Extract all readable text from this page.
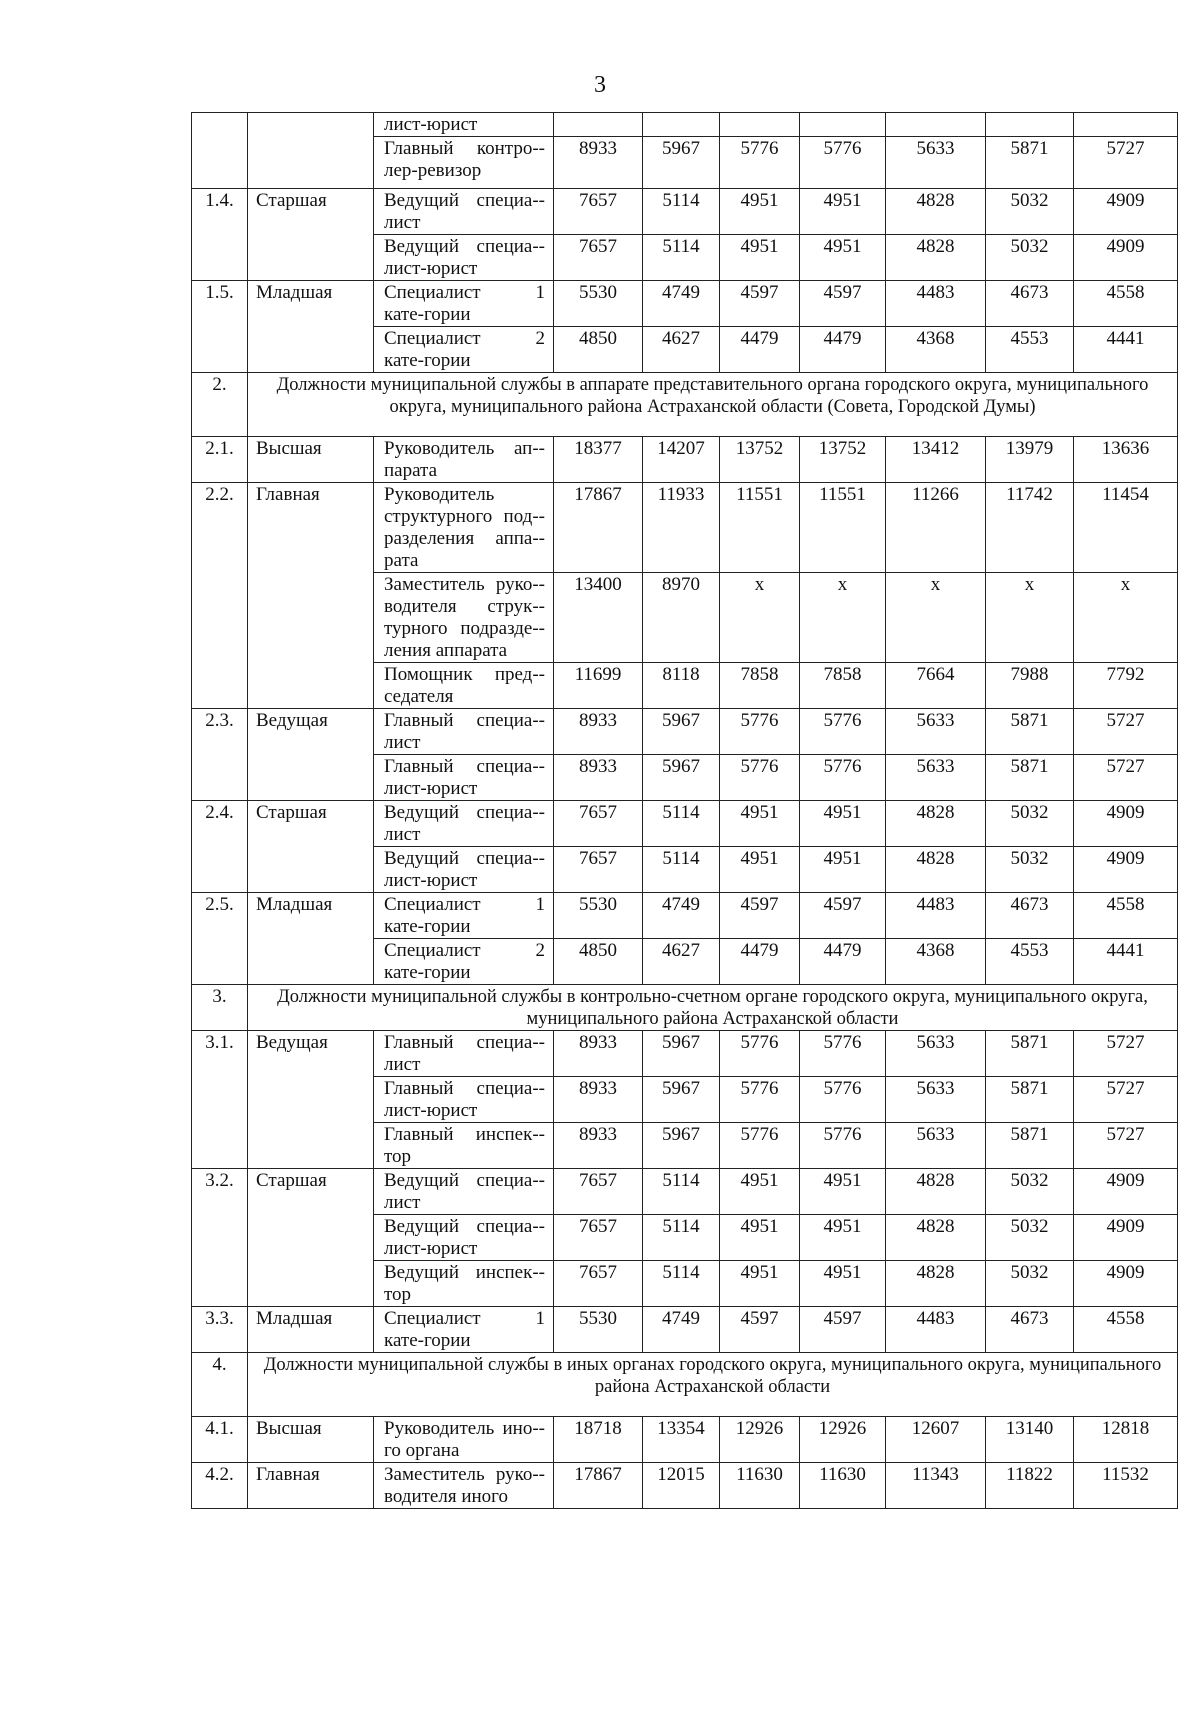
3
		лист-юрист							
		Главный контро-лер-ревизор	8933	5967	5776	5776	5633	5871	5727
1.4.	Старшая	Ведущий специа-лист	7657	5114	4951	4951	4828	5032	4909
		Ведущий специа-лист-юрист	7657	5114	4951	4951	4828	5032	4909
1.5.	Младшая	Специалист 1 кате-гории	5530	4749	4597	4597	4483	4673	4558
		Специалист 2 кате-гории	4850	4627	4479	4479	4368	4553	4441
2.	Должности муниципальной службы в аппарате представительного органа городского округа, муниципального округа, муниципального района Астраханской области (Совета, Городской Думы)								
2.1.	Высшая	Руководитель ап-парата	18377	14207	13752	13752	13412	13979	13636
2.2.	Главная	Руководитель структурного под-разделения аппа-рата	17867	11933	11551	11551	11266	11742	11454
		Заместитель руко-водителя струк-турного подразде-ления аппарата	13400	8970	х	х	х	х	х
		Помощник пред-седателя	11699	8118	7858	7858	7664	7988	7792
2.3.	Ведущая	Главный специа-лист	8933	5967	5776	5776	5633	5871	5727
		Главный специа-лист-юрист	8933	5967	5776	5776	5633	5871	5727
2.4.	Старшая	Ведущий специа-лист	7657	5114	4951	4951	4828	5032	4909
		Ведущий специа-лист-юрист	7657	5114	4951	4951	4828	5032	4909
2.5.	Младшая	Специалист 1 кате-гории	5530	4749	4597	4597	4483	4673	4558
		Специалист 2 кате-гории	4850	4627	4479	4479	4368	4553	4441
3.	Должности муниципальной службы в контрольно-счетном органе городского округа, муниципального округа, муниципального района Астраханской области								
3.1.	Ведущая	Главный специа-лист	8933	5967	5776	5776	5633	5871	5727
		Главный специа-лист-юрист	8933	5967	5776	5776	5633	5871	5727
		Главный инспек-тор	8933	5967	5776	5776	5633	5871	5727
3.2.	Старшая	Ведущий специа-лист	7657	5114	4951	4951	4828	5032	4909
		Ведущий специа-лист-юрист	7657	5114	4951	4951	4828	5032	4909
		Ведущий инспек-тор	7657	5114	4951	4951	4828	5032	4909
3.3.	Младшая	Специалист 1 кате-гории	5530	4749	4597	4597	4483	4673	4558
4.	Должности муниципальной службы в иных органах городского округа, муниципального округа, муниципального района Астраханской области								
4.1.	Высшая	Руководитель ино-го органа	18718	13354	12926	12926	12607	13140	12818
4.2.	Главная	Заместитель руко-водителя иного	17867	12015	11630	11630	11343	11822	11532
